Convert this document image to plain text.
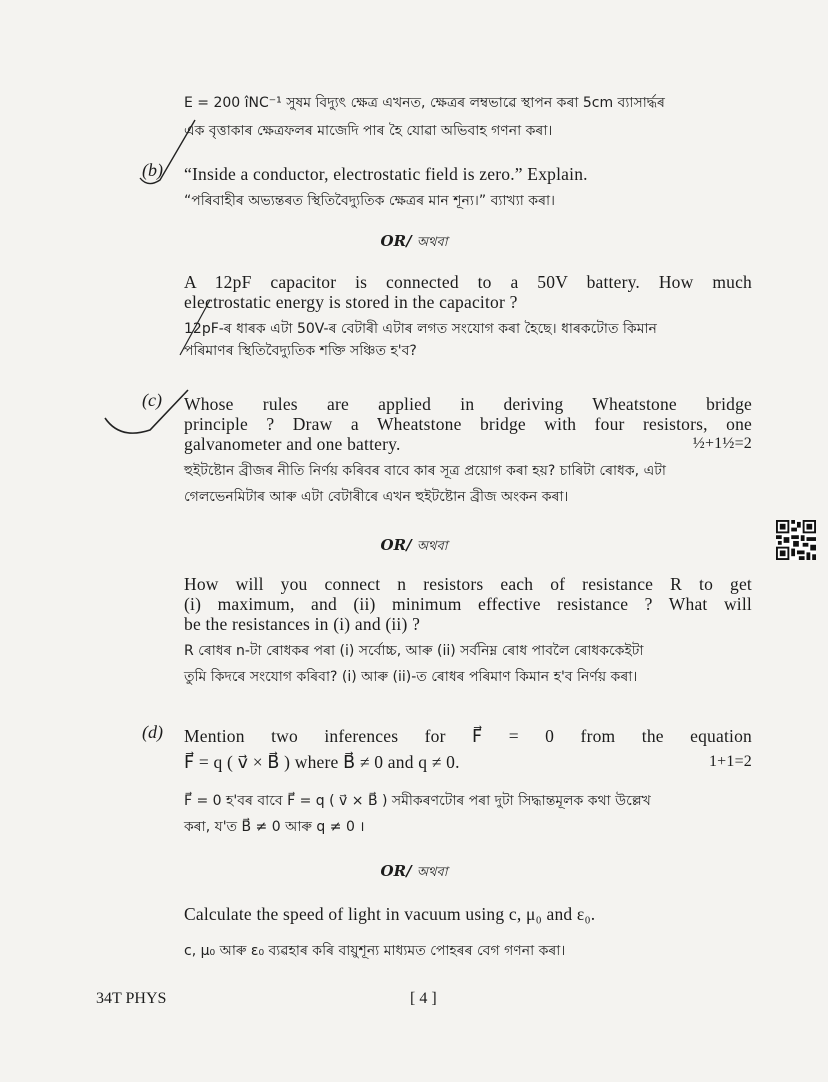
E = 200 îNC⁻¹ সুষম বিদ্যুৎ ক্ষেত্ৰ এখনত, ক্ষেত্ৰৰ লম্বভাৱে স্থাপন কৰা 5cm ব্যাসাৰ্দ্ধৰ
এক বৃত্তাকাৰ ক্ষেত্ৰফলৰ মাজেদি পাৰ হৈ যোৱা অভিবাহ গণনা কৰা।
(b) “Inside a conductor, electrostatic field is zero.” Explain.
“পৰিবাহীৰ অভ্যন্তৰত স্থিতিবৈদ্যুতিক ক্ষেত্ৰৰ মান শূন্য।” ব্যাখ্যা কৰা।
OR/ অথবা
A 12pF capacitor is connected to a 50V battery. How much
electrostatic energy is stored in the capacitor ?
12pF-ৰ ধাৰক এটা 50V-ৰ বেটাৰী এটাৰ লগত সংযোগ কৰা হৈছে। ধাৰকটোত কিমান
পৰিমাণৰ স্থিতিবৈদ্যুতিক শক্তি সঞ্চিত হ'ব?
(c) Whose rules are applied in deriving Wheatstone bridge
principle ? Draw a Wheatstone bridge with four resistors, one
galvanometer and one battery.	½+1½=2
হুইটষ্টোন ব্ৰীজৰ নীতি নিৰ্ণয় কৰিবৰ বাবে কাৰ সূত্ৰ প্ৰয়োগ কৰা হয়? চাৰিটা ৰোধক, এটা
গেলভেনমিটাৰ আৰু এটা বেটাৰীৰে এখন হুইটষ্টোন ব্ৰীজ অংকন কৰা।
OR/ অথবা
How will you connect n resistors each of resistance R to get
(i) maximum, and (ii) minimum effective resistance ? What will
be the resistances in (i) and (ii) ?
R ৰোধৰ n-টা ৰোধকৰ পৰা (i) সৰ্বোচ্চ, আৰু (ii) সৰ্বনিম্ন ৰোধ পাবলৈ ৰোধককেইটা
তুমি কিদৰে সংযোগ কৰিবা? (i) আৰু (ii)-ত ৰোধৰ পৰিমাণ কিমান হ'ব নিৰ্ণয় কৰা।
(d) Mention two inferences for F⃗ = 0 from the equation
F⃗ = q ( v⃗ × B⃗ ) where B⃗ ≠ 0 and q ≠ 0.	1+1=2
F⃗ = 0 হ'বৰ বাবে F⃗ = q ( v⃗ × B⃗ ) সমীকৰণটোৰ পৰা দুটা সিদ্ধান্তমূলক কথা উল্লেখ
কৰা, য'ত B⃗ ≠ 0 আৰু q ≠ 0 ।
OR/ অথবা
Calculate the speed of light in vacuum using c, μ₀ and ε₀.
c, μ₀ আৰু ε₀ ব্যৱহাৰ কৰি বায়ুশূন্য মাধ্যমত পোহৰৰ বেগ গণনা কৰা।
34T PHYS	[ 4 ]
